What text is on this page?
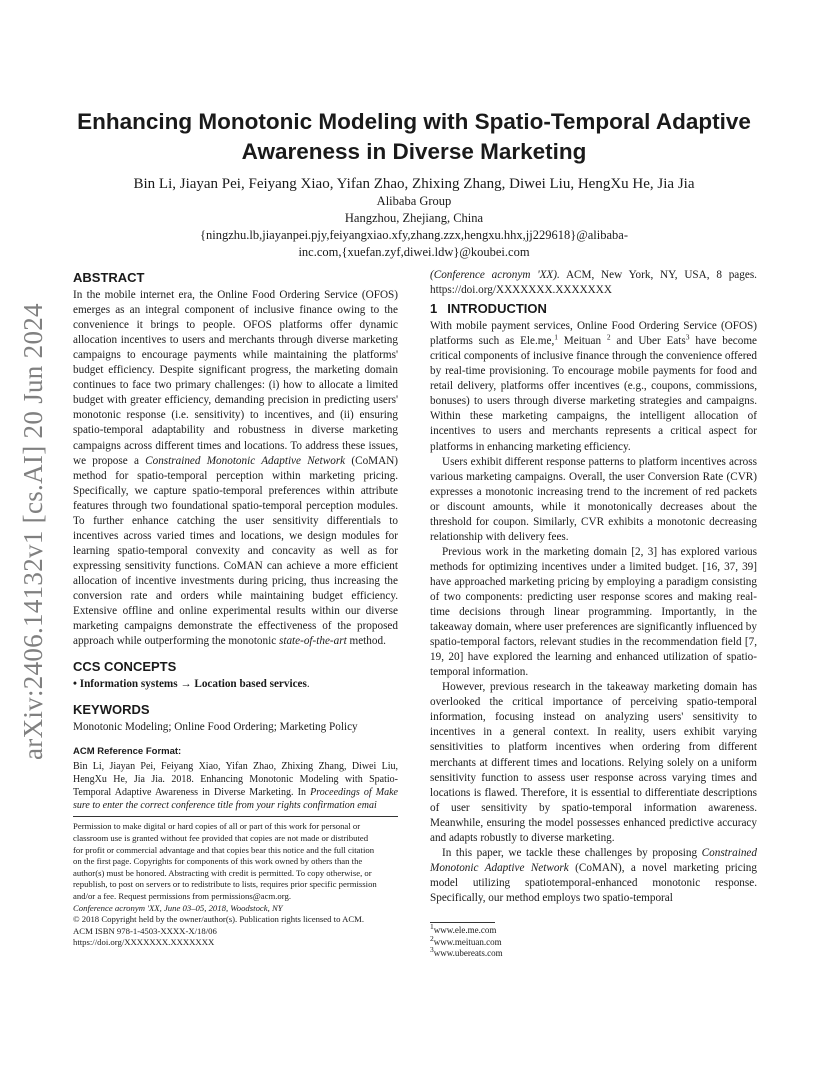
arXiv:2406.14132v1 [cs.AI] 20 Jun 2024
Enhancing Monotonic Modeling with Spatio-Temporal Adaptive
Awareness in Diverse Marketing
Bin Li, Jiayan Pei, Feiyang Xiao, Yifan Zhao, Zhixing Zhang, Diwei Liu, HengXu He, Jia Jia
Alibaba Group
Hangzhou, Zhejiang, China
{ningzhu.lb,jiayanpei.pjy,feiyangxiao.xfy,zhang.zzx,hengxu.hhx,jj229618}@alibaba-
inc.com,{xuefan.zyf,diwei.ldw}@koubei.com
ABSTRACT

In the mobile internet era, the Online Food Ordering Service (OFOS) emerges as an integral component of inclusive finance owing to the convenience it brings to people. OFOS platforms offer dynamic allocation incentives to users and merchants through diverse marketing campaigns to encourage payments while maintaining the platforms' budget efficiency. Despite significant progress, the marketing domain continues to face two primary challenges: (i) how to allocate a limited budget with greater efficiency, demanding precision in predicting users' monotonic response (i.e. sensitivity) to incentives, and (ii) ensuring spatio-temporal adaptability and robustness in diverse marketing campaigns across different times and locations. To address these issues, we propose a Constrained Monotonic Adaptive Network (CoMAN) method for spatio-temporal perception within marketing pricing. Specifically, we capture spatio-temporal preferences within attribute features through two foundational spatio-temporal perception modules. To further enhance catching the user sensitivity differentials to incentives across varied times and locations, we design modules for learning spatio-temporal convexity and concavity as well as for expressing sensitivity functions. CoMAN can achieve a more efficient allocation of incentive investments during pricing, thus increasing the conversion rate and orders while maintaining budget efficiency. Extensive offline and online experimental results within our diverse marketing campaigns demonstrate the effectiveness of the proposed approach while outperforming the monotonic state-of-the-art method.

CCS CONCEPTS

• Information systems → Location based services.

KEYWORDS

Monotonic Modeling; Online Food Ordering; Marketing Policy

ACM Reference Format:

Bin Li, Jiayan Pei, Feiyang Xiao, Yifan Zhao, Zhixing Zhang, Diwei Liu, HengXu He, Jia Jia. 2018. Enhancing Monotonic Modeling with Spatio-Temporal Adaptive Awareness in Diverse Marketing. In Proceedings of Make sure to enter the correct conference title from your rights confirmation emai

Permission to make digital or hard copies of all or part of this work for personal or
classroom use is granted without fee provided that copies are not made or distributed
for profit or commercial advantage and that copies bear this notice and the full citation
on the first page. Copyrights for components of this work owned by others than the
author(s) must be honored. Abstracting with credit is permitted. To copy otherwise, or
republish, to post on servers or to redistribute to lists, requires prior specific permission
and/or a fee. Request permissions from permissions@acm.org.
Conference acronym 'XX, June 03–05, 2018, Woodstock, NY
© 2018 Copyright held by the owner/author(s). Publication rights licensed to ACM.
ACM ISBN 978-1-4503-XXXX-X/18/06
https://doi.org/XXXXXXX.XXXXXXX

(Conference acronym 'XX). ACM, New York, NY, USA, 8 pages. https://doi.org/XXXXXXX.XXXXXXX

1 INTRODUCTION

With mobile payment services, Online Food Ordering Service (OFOS) platforms such as Ele.me,$^1$ Meituan $^2$ and Uber Eats$^3$ have become critical components of inclusive finance through the convenience offered by real-time provisioning. To encourage mobile payments for food and retail delivery, platforms offer incentives (e.g., coupons, commissions, bonuses) to users through diverse marketing strategies and campaigns. Within these marketing campaigns, the intelligent allocation of incentives to users and merchants represents a critical aspect for platforms in enhancing marketing efficiency.

Users exhibit different response patterns to platform incentives across various marketing campaigns. Overall, the user Conversion Rate (CVR) expresses a monotonic increasing trend to the increment of red packets or discount amounts, while it monotonically decreases about the threshold for coupon. Similarly, CVR exhibits a monotonic decreasing relationship with delivery fees.

Previous work in the marketing domain [2, 3] has explored various methods for optimizing incentives under a limited budget. [16, 37, 39] have approached marketing pricing by employing a paradigm consisting of two components: predicting user response scores and making real-time decisions through linear programming. Importantly, in the takeaway domain, where user preferences are significantly influenced by spatio-temporal factors, relevant studies in the recommendation field [7, 19, 20] have explored the learning and enhanced utilization of spatio-temporal information.

However, previous research in the takeaway marketing domain has overlooked the critical importance of perceiving spatio-temporal information, focusing instead on analyzing users' sensitivity to incentives in a general context. In reality, users exhibit varying sensitivities to platform incentives when ordering from different merchants at different times and locations. Relying solely on a uniform sensitivity function to assess user response across varying times and locations is flawed. Therefore, it is essential to differentiate descriptions of user sensitivity by spatio-temporal information awareness. Meanwhile, ensuring the model possesses enhanced predictive accuracy and adapts robustly to diverse marketing.

In this paper, we tackle these challenges by proposing Constrained Monotonic Adaptive Network (CoMAN), a novel marketing pricing model utilizing spatiotemporal-enhanced monotonic response. Specifically, our method employs two spatio-temporal

$^1$www.ele.me.com
$^2$www.meituan.com
$^3$www.ubereats.com
